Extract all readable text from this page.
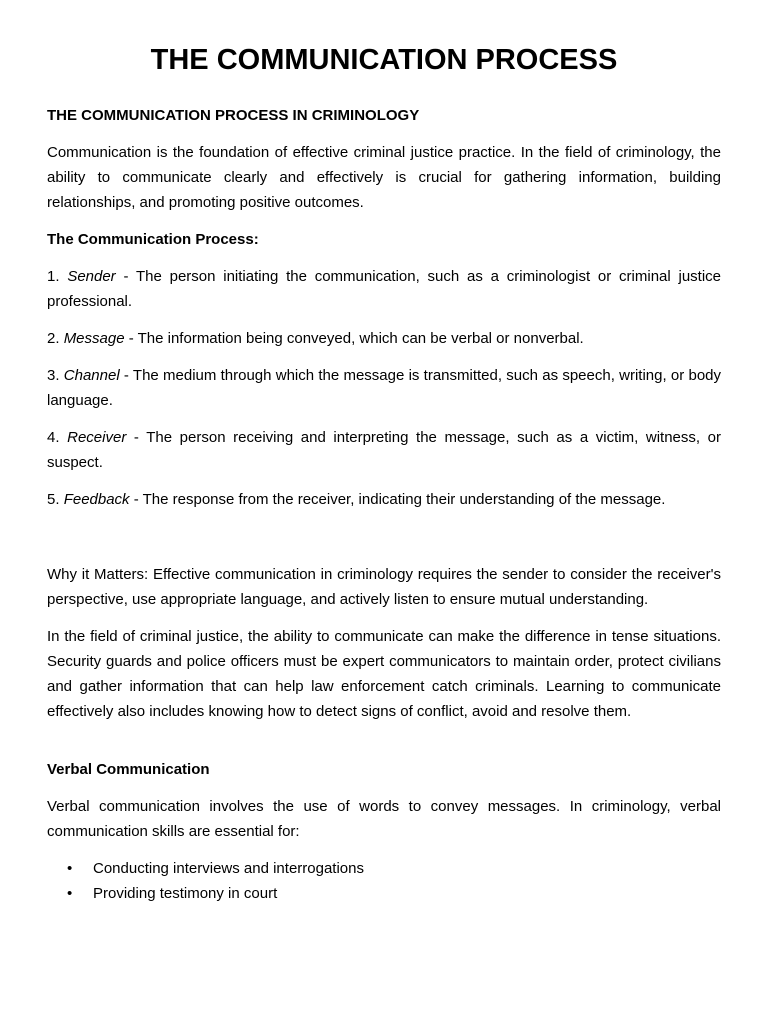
THE COMMUNICATION PROCESS

THE COMMUNICATION PROCESS IN CRIMINOLOGY

Communication is the foundation of effective criminal justice practice. In the field of criminology, the ability to communicate clearly and effectively is crucial for gathering information, building relationships, and promoting positive outcomes.

The Communication Process:

1. Sender - The person initiating the communication, such as a criminologist or criminal justice professional.

2. Message - The information being conveyed, which can be verbal or nonverbal.

3. Channel - The medium through which the message is transmitted, such as speech, writing, or body language.

4. Receiver - The person receiving and interpreting the message, such as a victim, witness, or suspect.

5. Feedback - The response from the receiver, indicating their understanding of the message.

Why it Matters: Effective communication in criminology requires the sender to consider the receiver's perspective, use appropriate language, and actively listen to ensure mutual understanding.

In the field of criminal justice, the ability to communicate can make the difference in tense situations. Security guards and police officers must be expert communicators to maintain order, protect civilians and gather information that can help law enforcement catch criminals. Learning to communicate effectively also includes knowing how to detect signs of conflict, avoid and resolve them.

Verbal Communication

Verbal communication involves the use of words to convey messages. In criminology, verbal communication skills are essential for:

• Conducting interviews and interrogations
• Providing testimony in court
